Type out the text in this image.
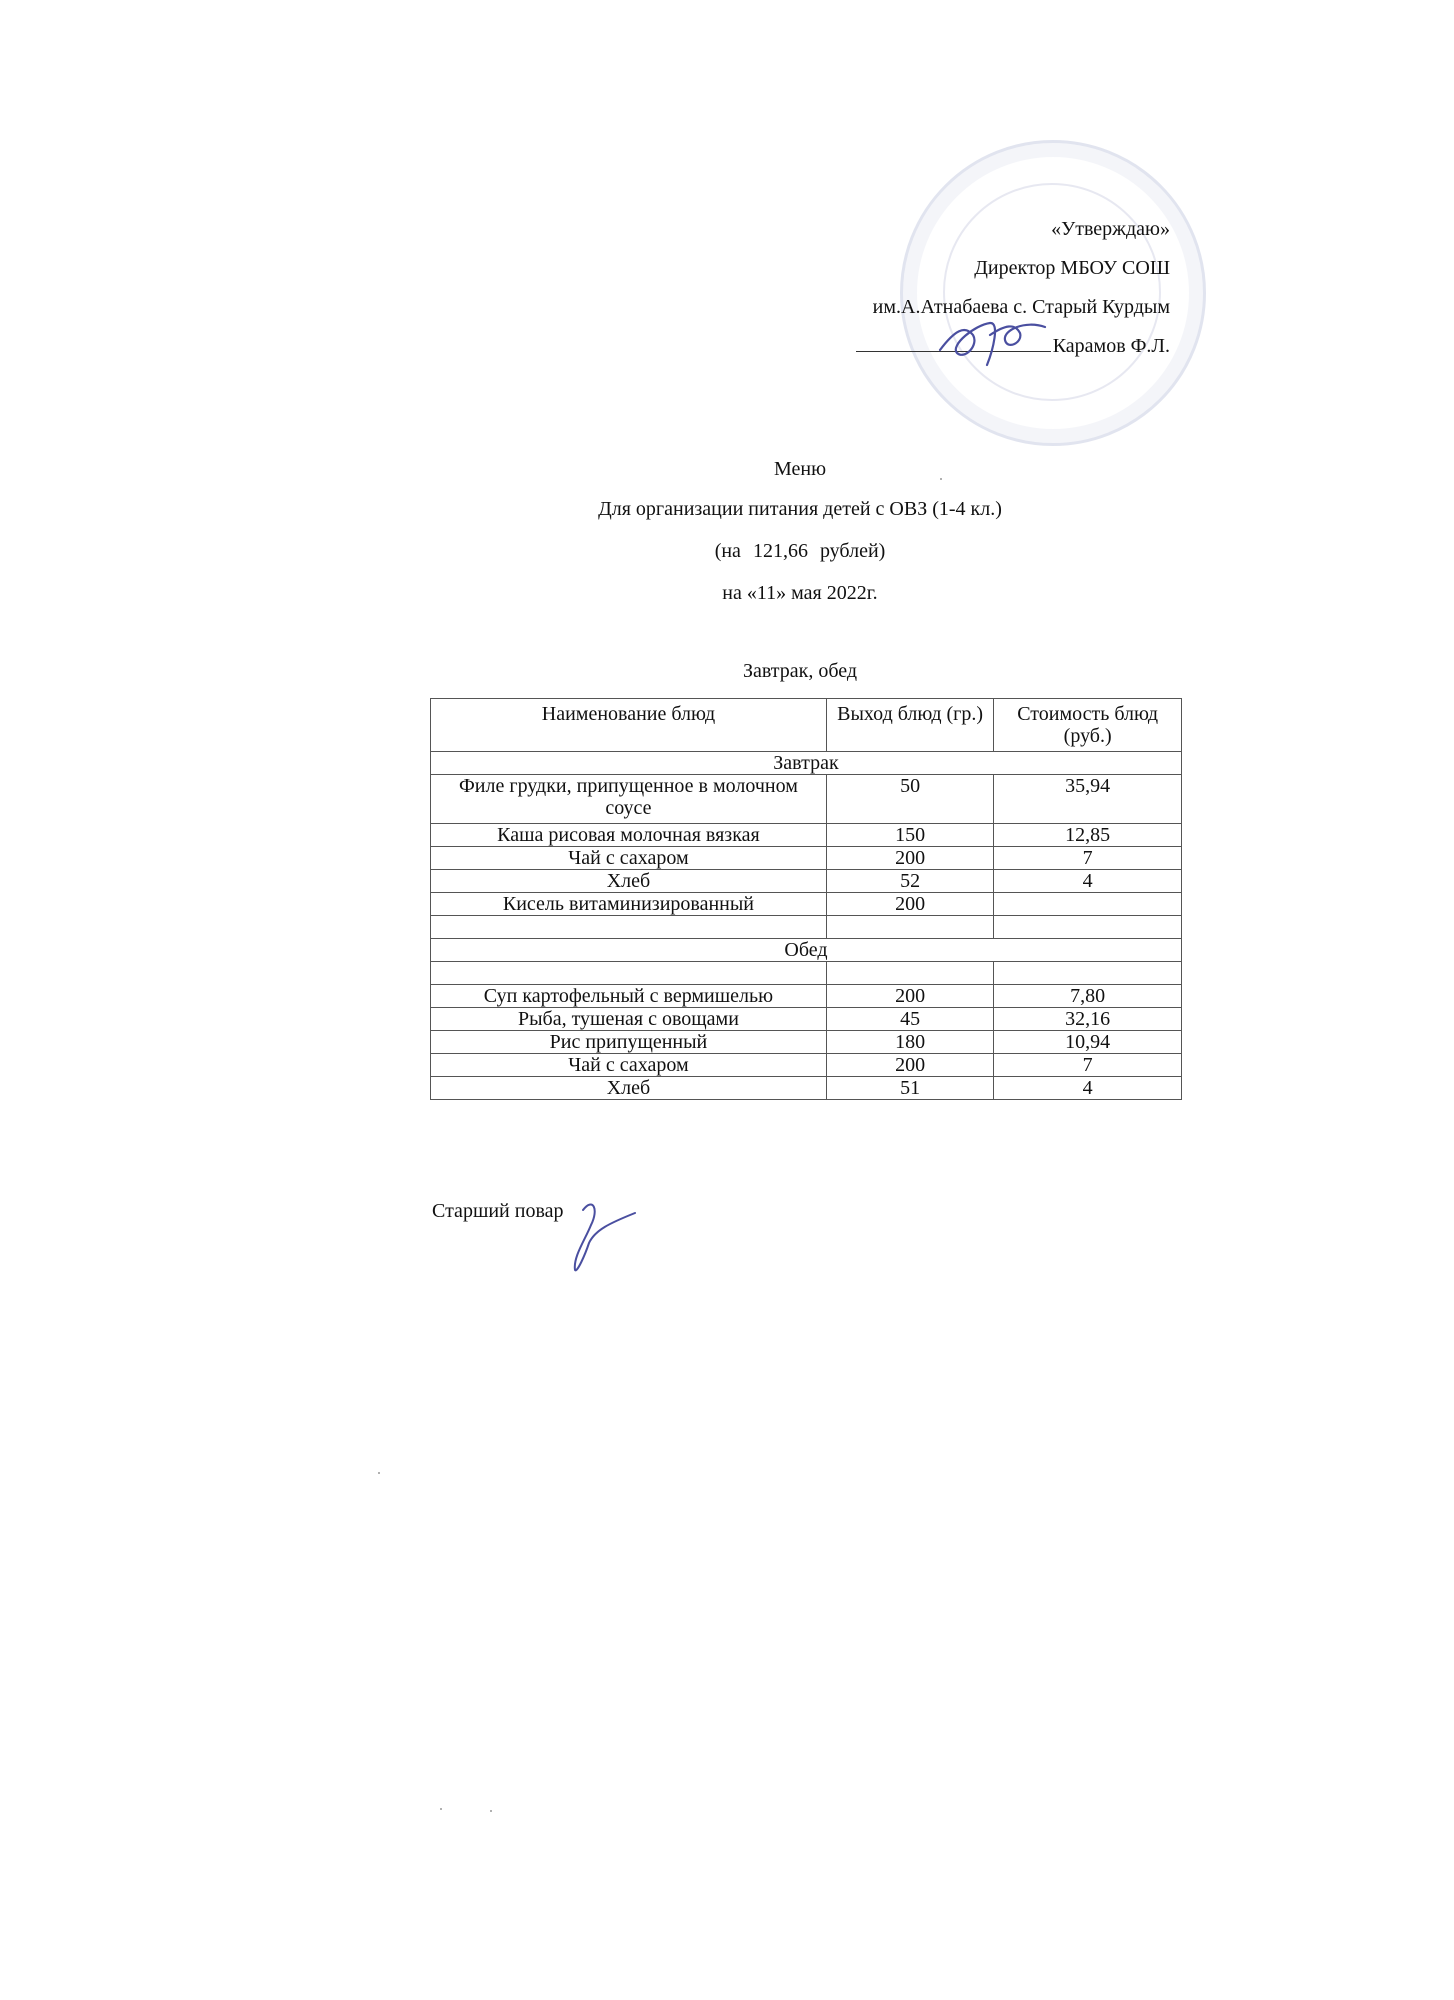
«Утверждаю»
Директор МБОУ СОШ
им.А.Атнабаева с. Старый Курдым
Карамов Ф.Л.
Меню
Для организации питания детей с ОВЗ (1-4 кл.)
(на 121,66 рублей)
на «11» мая 2022г.
Завтрак, обед
Наименование блюд	Выход блюд (гр.)	Стоимость блюд (руб.)
Завтрак		
Филе грудки, припущенное в молочном соусе	50	35,94
Каша рисовая молочная вязкая	150	12,85
Чай с сахаром	200	7
Хлеб	52	4
Кисель витаминизированный	200	

Обед		

Суп картофельный с вермишелью	200	7,80
Рыба, тушеная с овощами	45	32,16
Рис припущенный	180	10,94
Чай с сахаром	200	7
Хлеб	51	4
Старший повар
